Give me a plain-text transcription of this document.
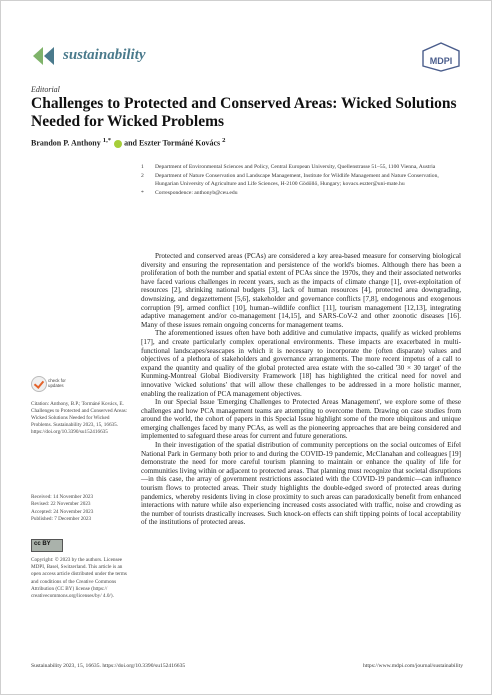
sustainability	MDPI
Editorial
Challenges to Protected and Conserved Areas: Wicked Solutions Needed for Wicked Problems
Brandon P. Anthony $^{1,*}$ and Eszter Tormáné Kovács $^2$
1 Department of Environmental Sciences and Policy, Central European University, Quellenstrasse 51–55, 1100 Vienna, Austria
2 Department of Nature Conservation and Landscape Management, Institute for Wildlife Management and Nature Conservation, Hungarian University of Agriculture and Life Sciences, H-2100 Gödöllő, Hungary; kovacs.eszter@uni-mate.hu
* Correspondence: anthonyb@ceu.edu
check for updates
Citation: Anthony, B.P.; Tormáné Kovács, E. Challenges to Protected and Conserved Areas: Wicked Solutions Needed for Wicked Problems. Sustainability 2023, 15, 16635. https://doi.org/10.3390/su152416635
Received: 14 November 2023
Revised: 22 November 2023
Accepted: 24 November 2023
Published: 7 December 2023
cc BY
Copyright: © 2023 by the authors. Licensee MDPI, Basel, Switzerland. This article is an open access article distributed under the terms and conditions of the Creative Commons Attribution (CC BY) license (https:// creativecommons.org/licenses/by/ 4.0/).

Protected and conserved areas (PCAs) are considered a key area-based measure for conserving biological diversity and ensuring the representation and persistence of the world's biomes. Although there has been a proliferation of both the number and spatial extent of PCAs since the 1970s, they and their associated networks have faced various challenges in recent years, such as the impacts of climate change [1], over-exploitation of resources [2], shrinking national budgets [3], lack of human resources [4], protected area downgrading, downsizing, and degazettement [5,6], stakeholder and governance conflicts [7,8], endogenous and exogenous corruption [9], armed conflict [10], human–wildlife conflict [11], tourism management [12,13], integrating adaptive management and/or co-management [14,15], and SARS-CoV-2 and other zoonotic diseases [16]. Many of these issues remain ongoing concerns for management teams.

The aforementioned issues often have both additive and cumulative impacts, qualify as wicked problems [17], and create particularly complex operational environments. These impacts are exacerbated in multi-functional landscapes/seascapes in which it is necessary to incorporate the (often disparate) values and objectives of a plethora of stakeholders and governance arrangements. The more recent impetus of a call to expand the quantity and quality of the global protected area estate with the so-called '30 × 30 target' of the Kunming-Montreal Global Biodiversity Framework [18] has highlighted the critical need for novel and innovative 'wicked solutions' that will allow these challenges to be addressed in a more holistic manner, enabling the realization of PCA management objectives.

In our Special Issue 'Emerging Challenges to Protected Areas Management', we explore some of these challenges and how PCA management teams are attempting to overcome them. Drawing on case studies from around the world, the cohort of papers in this Special Issue highlight some of the more ubiquitous and unique emerging challenges faced by many PCAs, as well as the pioneering approaches that are being considered and implemented to safeguard these areas for current and future generations.

In their investigation of the spatial distribution of community perceptions on the social outcomes of Eifel National Park in Germany both prior to and during the COVID-19 pandemic, McClanahan and colleagues [19] demonstrate the need for more careful tourism planning to maintain or enhance the quality of life for communities living within or adjacent to protected areas. That planning must recognize that societal disruptions—in this case, the array of government restrictions associated with the COVID-19 pandemic—can influence tourism flows to protected areas. Their study highlights the double-edged sword of protected areas during pandemics, whereby residents living in close proximity to such areas can paradoxically benefit from enhanced interactions with nature while also experiencing increased costs associated with traffic, noise and crowding as the number of tourists drastically increases. Such knock-on effects can shift tipping points of local acceptability of the institutions of protected areas.

Sustainability 2023, 15, 16635. https://doi.org/10.3390/su152416635	https://www.mdpi.com/journal/sustainability
